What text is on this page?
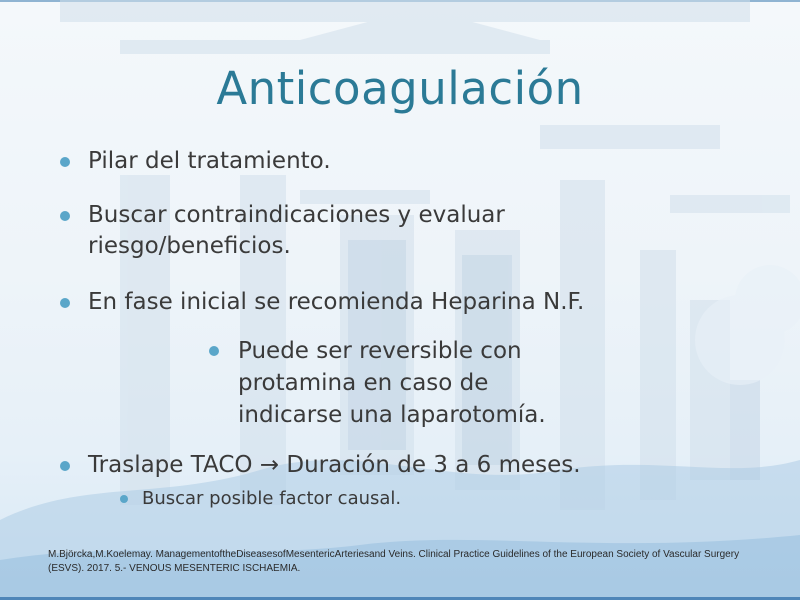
Anticoagulación
Pilar del tratamiento.
Buscar contraindicaciones y evaluar riesgo/beneficios.
En fase inicial se recomienda Heparina N.F.
Puede ser reversible con protamina en caso de indicarse una laparotomía.
Traslape TACO → Duración de 3 a 6 meses.
Buscar posible factor causal.
M.Björcka,M.Koelemay. ManagementoftheDiseasesofMesentericArteriesand Veins. Clinical Practice Guidelines of the European Society of Vascular Surgery (ESVS). 2017. 5.- VENOUS MESENTERIC ISCHAEMIA.
